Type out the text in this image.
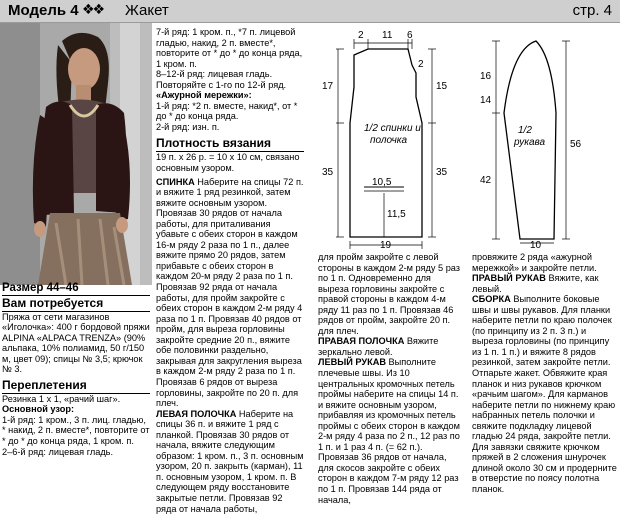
Модель 4 ❖❖ Жакет	стр. 4

Размер 44–46

Вам потребуется

Пряжа от сети магазинов «Иголочка»: 400 г бордовой пряжи ALPINA «ALPACA TRENZA» (90% альпака, 10% полиамид, 50 г/150 м, цвет 09); спицы № 3,5; крючок № 3.

Переплетения

Резинка 1 х 1, «рачий шаг».

Основной узор:

1-й ряд: 1 кром., 3 п. лиц. гладью, * накид, 2 п. вместе*, повторите от * до * до конца ряда, 1 кром. п.

2–6-й ряд: лицевая гладь.

7-й ряд: 1 кром. п., *7 п. лицевой гладью, накид, 2 п. вместе*, повторите от * до * до конца ряда, 1 кром. п.

8–12-й ряд: лицевая гладь.

Повторяйте с 1-го по 12-й ряд.

«Ажурной мережки»:

1-й ряд: *2 п. вместе, накид*, от * до * до конца ряда.

2-й ряд: изн. п.

Плотность вязания

19 п. х 26 р. = 10 х 10 см, связано основным узором.

СПИНКА Наберите на спицы 72 п. и вяжите 1 ряд резинкой, затем вяжите основным узором. Провязав 30 рядов от начала работы, для приталивания убавьте с обеих сторон в каждом 16-м ряду 2 раза по 1 п., далее вяжите прямо 20 рядов, затем прибавьте с обеих сторон в каждом 20-м ряду 2 раза по 1 п. Провязав 92 ряда от начала работы, для пройм закройте с обеих сторон в каждом 2-м ряду 4 раза по 1 п. Провязав 40 рядов от пройм, для выреза горловины закройте средние 20 п., вяжите обе половинки раздельно, закрывая для закругления выреза в каждом 2-м ряду 2 раза по 1 п. Провязав 6 рядов от выреза горловины, закройте по 20 п. для плеч.

ЛЕВАЯ ПОЛОЧКА Наберите на спицы 36 п. и вяжите 1 ряд с планкой. Провязав 30 рядов от начала, вяжите следующим образом: 1 кром. п., 3 п. основным узором, 20 п. закрыть (карман), 11 п. основным узором, 1 кром. п. В следующем ряду восстановите закрытые петли. Провязав 92 ряда от начала работы,

2 11 6
2
15
17
35	35
1/2 спинки и
полочка
10,5
11,5
19
16
14
42
56
1/2
рукава
10

для пройм закройте с левой стороны в каждом 2-м ряду 5 раз по 1 п. Одновременно для выреза горловины закройте с правой стороны в каждом 4-м ряду 11 раз по 1 п. Провязав 46 рядов от пройм, закройте 20 п. для плеч.

ПРАВАЯ ПОЛОЧКА Вяжите зеркально левой.

ЛЕВЫЙ РУКАВ Выполните плечевые швы. Из 10 центральных кромочных петель проймы наберите на спицы 14 п. и вяжите основным узором, прибавляя из кромочных петель проймы с обеих сторон в каждом 2-м ряду 4 раза по 2 п., 12 раз по 1 п. и 1 раз 4 п. (= 62 п.). Провязав 36 рядов от начала, для скосов закройте с обеих сторон в каждом 7-м ряду 12 раз по 1 п. Провязав 144 ряда от начала,

провяжите 2 ряда «ажурной мережкой» и закройте петли.

ПРАВЫЙ РУКАВ Вяжите, как левый.

СБОРКА Выполните боковые швы и швы рукавов. Для планки наберите петли по краю полочек (по принципу из 2 п. 3 п.) и выреза горловины (по принципу из 1 п. 1 п.) и вяжите 8 рядов резинкой, затем закройте петли. Отпарьте жакет. Обвяжите края планок и низ рукавов крючком «рачьим шагом». Для карманов наберите петли по нижнему краю набранных петель полочки и свяжите подкладку лицевой гладью 24 ряда, закройте петли. Для завязки свяжите крючком пряжей в 2 сложения шнурочек длиной около 30 см и продерните в отверстие по поясу полотна планок.
